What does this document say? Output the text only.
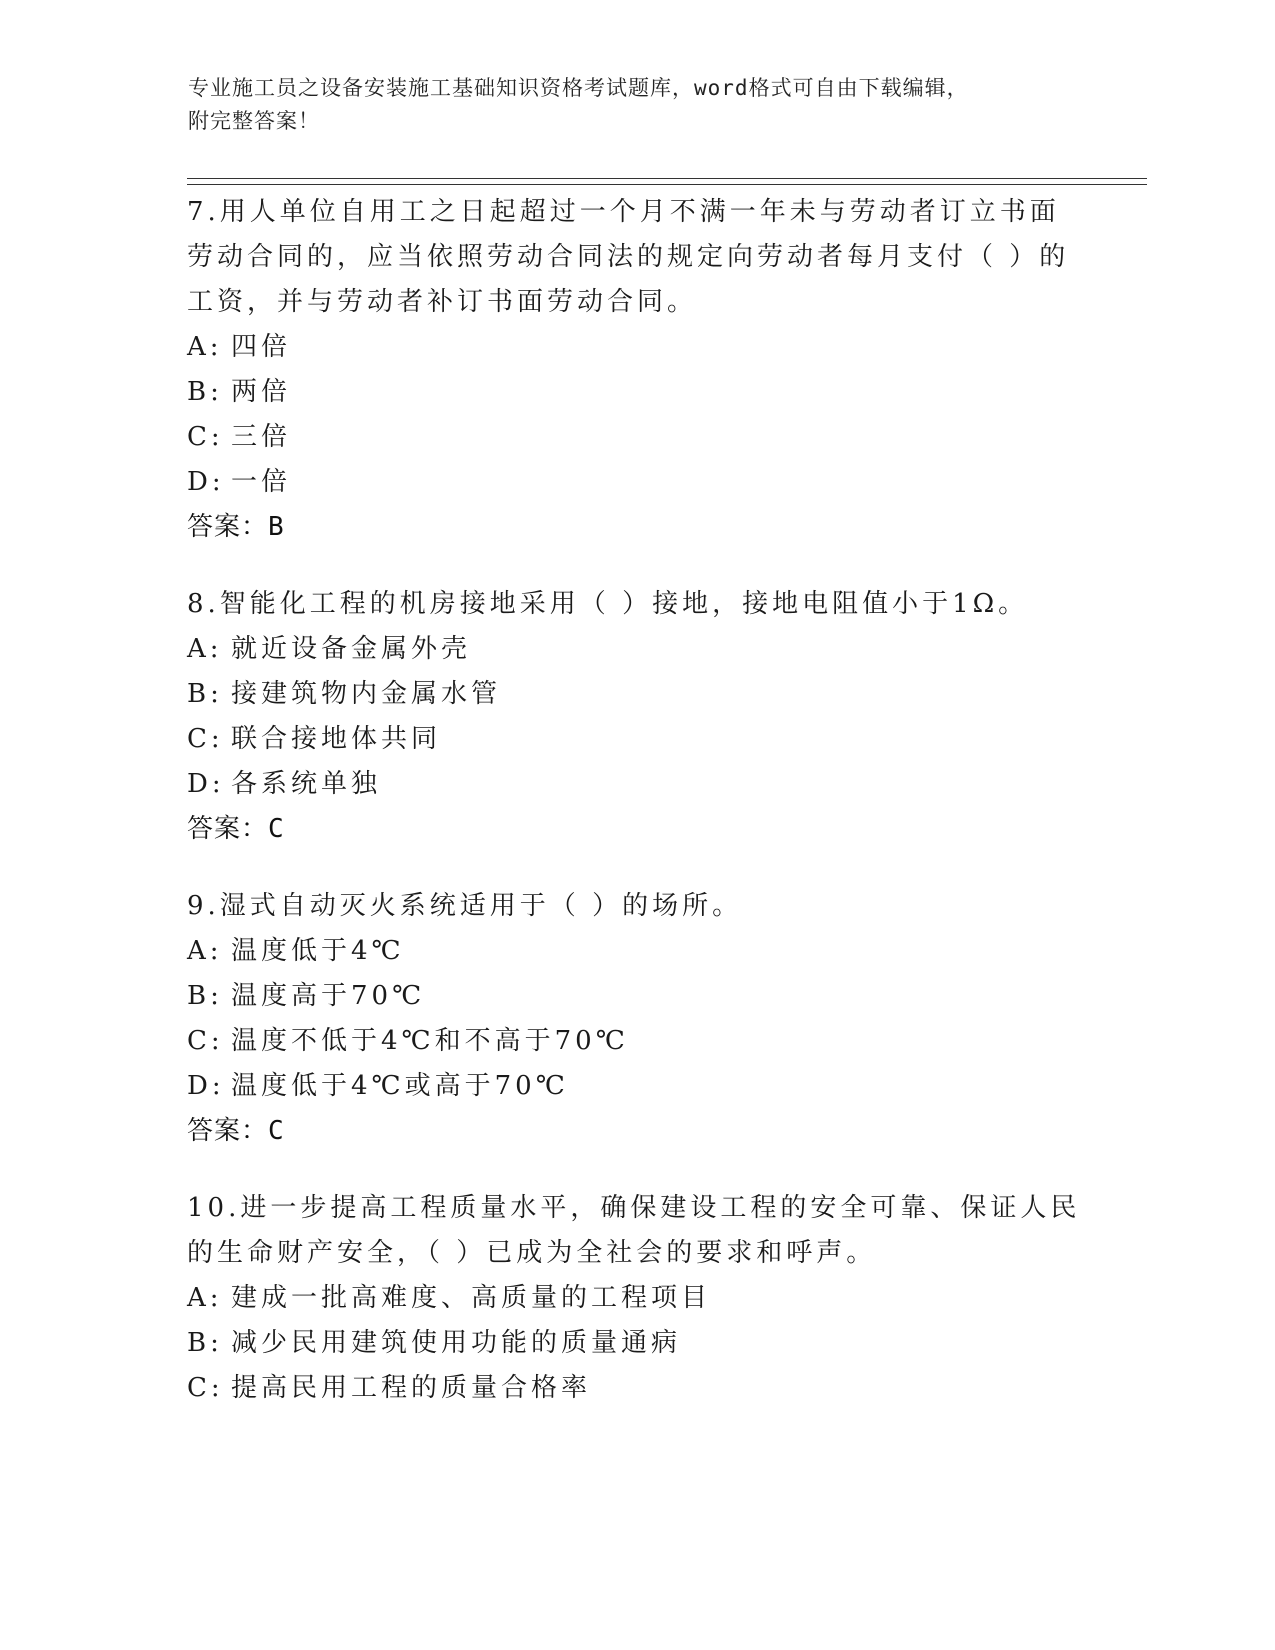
专业施工员之设备安装施工基础知识资格考试题库，word格式可自由下载编辑，
附完整答案！

7.用人单位自用工之日起超过一个月不满一年未与劳动者订立书面劳动合同的，应当依照劳动合同法的规定向劳动者每月支付（ ）的工资，并与劳动者补订书面劳动合同。

A: 四倍
B: 两倍
C: 三倍
D: 一倍

答案：B

8.智能化工程的机房接地采用（ ）接地，接地电阻值小于1Ω。

A: 就近设备金属外壳
B: 接建筑物内金属水管
C: 联合接地体共同
D: 各系统单独

答案：C

9.湿式自动灭火系统适用于（ ）的场所。

A: 温度低于4℃
B: 温度高于70℃
C: 温度不低于4℃和不高于70℃
D: 温度低于4℃或高于70℃

答案：C

10.进一步提高工程质量水平，确保建设工程的安全可靠、保证人民的生命财产安全，（ ）已成为全社会的要求和呼声。

A: 建成一批高难度、高质量的工程项目
B: 减少民用建筑使用功能的质量通病
C: 提高民用工程的质量合格率
